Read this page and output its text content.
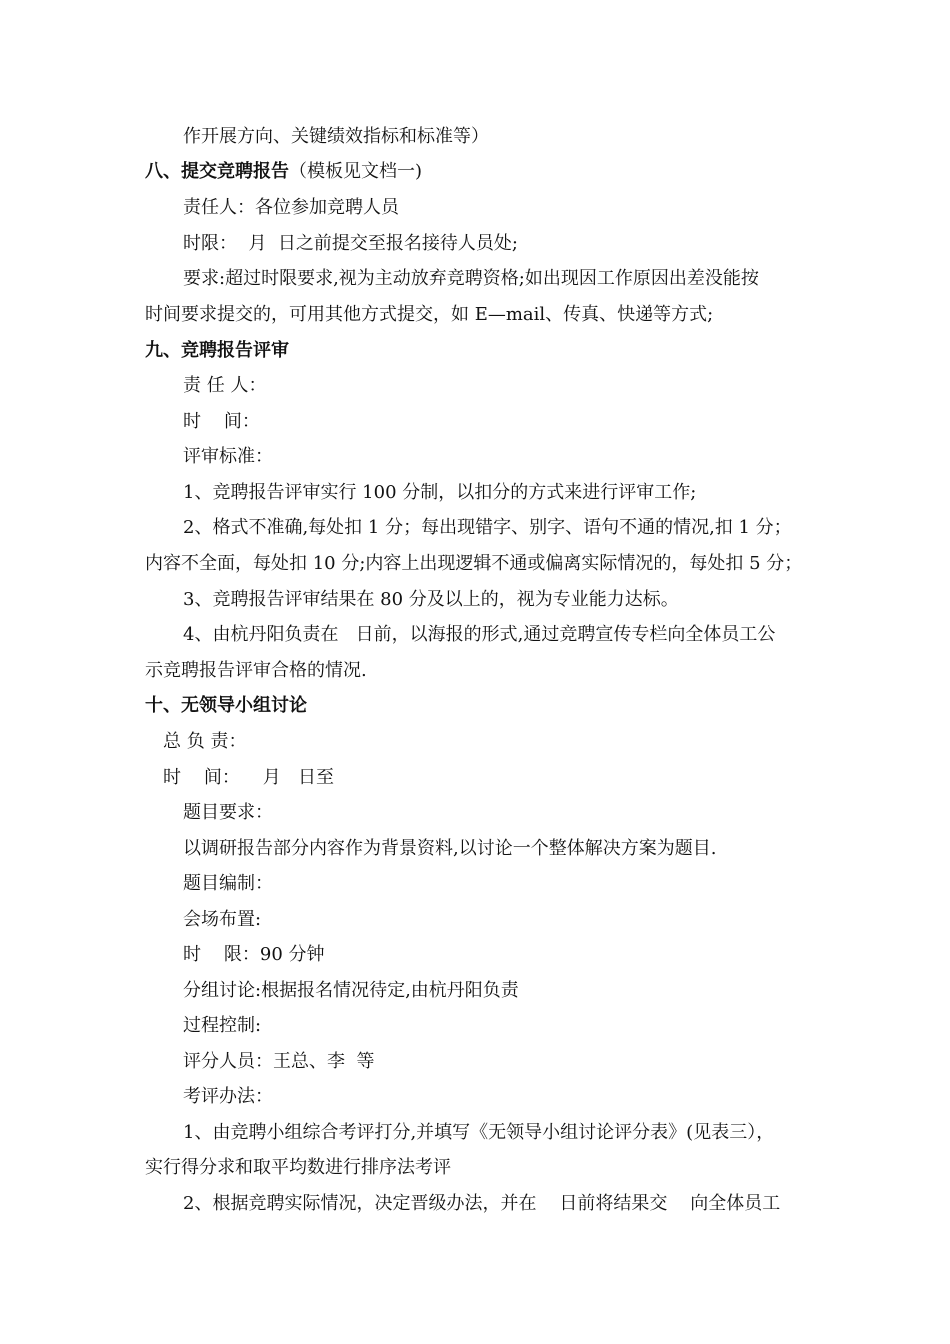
作开展方向、关键绩效指标和标准等）
八、提交竞聘报告（模板见文档一)
责任人：各位参加竞聘人员
时限：  月  日之前提交至报名接待人员处;
要求:超过时限要求,视为主动放弃竞聘资格;如出现因工作原因出差没能按
时间要求提交的，可用其他方式提交，如 E—mail、传真、快递等方式;
九、竞聘报告评审
责 任 人：
时    间：
评审标准：
1、竞聘报告评审实行 100 分制，以扣分的方式来进行评审工作;
2、格式不准确,每处扣 1 分；每出现错字、别字、语句不通的情况,扣 1 分；
内容不全面，每处扣 10 分;内容上出现逻辑不通或偏离实际情况的，每处扣 5 分；
3、竞聘报告评审结果在 80 分及以上的，视为专业能力达标。
4、由杭丹阳负责在   日前，以海报的形式,通过竞聘宣传专栏向全体员工公
示竞聘报告评审合格的情况.
十、无领导小组讨论
总 负 责：
时    间：    月   日至
题目要求：
以调研报告部分内容作为背景资料,以讨论一个整体解决方案为题目.
题目编制：
会场布置:
时    限：90 分钟
分组讨论:根据报名情况待定,由杭丹阳负责
过程控制:
评分人员：王总、李  等
考评办法：
1、由竞聘小组综合考评打分,并填写《无领导小组讨论评分表》(见表三），
实行得分求和取平均数进行排序法考评
2、根据竞聘实际情况，决定晋级办法，并在    日前将结果交    向全体员工
